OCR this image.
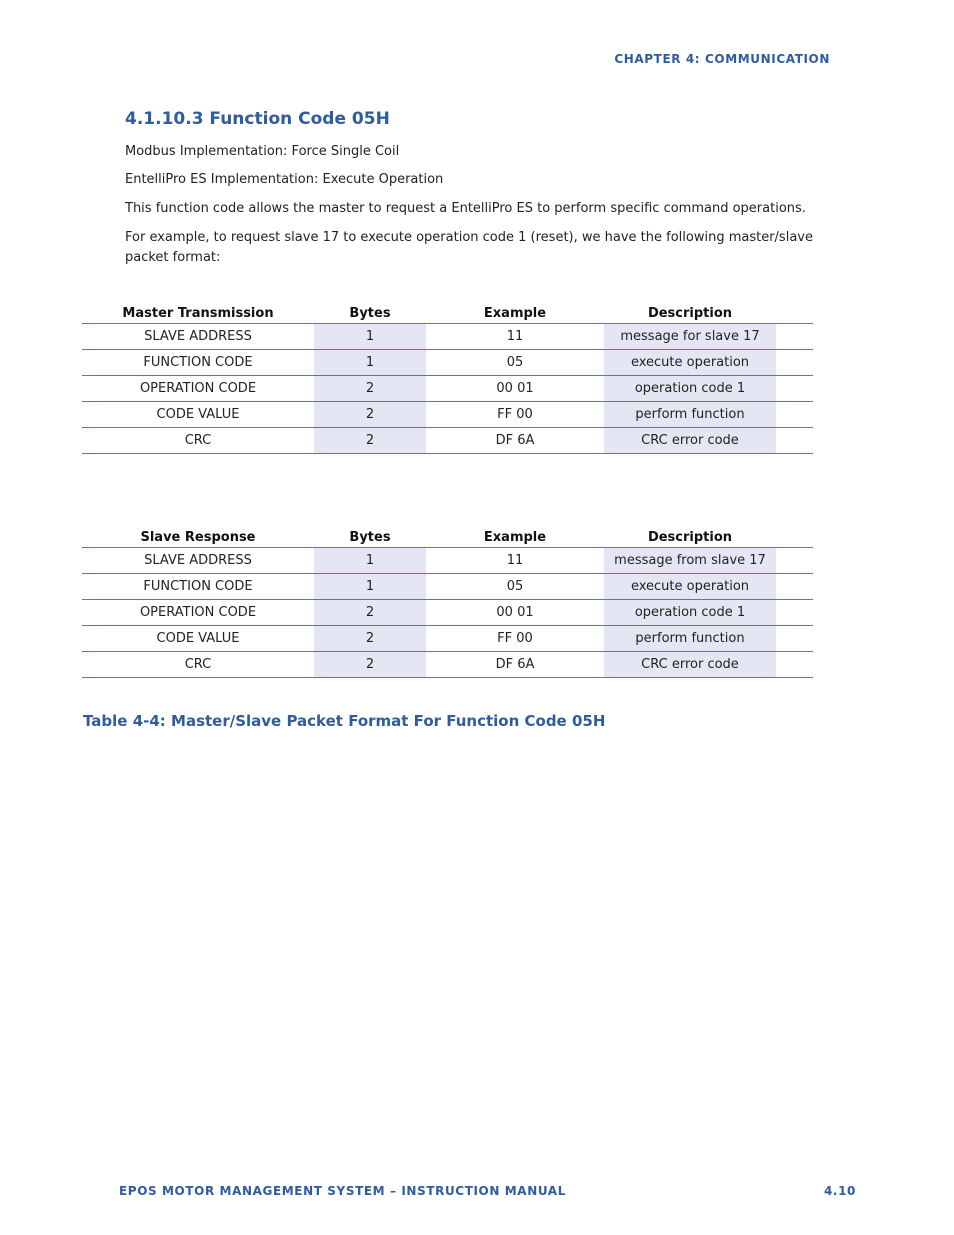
CHAPTER 4: COMMUNICATION
4.1.10.3 Function Code 05H
Modbus Implementation: Force Single Coil
EntelliPro ES Implementation: Execute Operation
This function code allows the master to request a EntelliPro ES to perform specific command operations.
For example, to request slave 17 to execute operation code 1 (reset), we have the following master/slave packet format:
Master Transmission	Bytes	Example	Description	
SLAVE ADDRESS	1	11	message for slave 17	
FUNCTION CODE	1	05	execute operation	
OPERATION CODE	2	00 01	operation code 1	
CODE VALUE	2	FF 00	perform function	
CRC	2	DF 6A	CRC error code	
Slave Response	Bytes	Example	Description	
SLAVE ADDRESS	1	11	message from slave 17	
FUNCTION CODE	1	05	execute operation	
OPERATION CODE	2	00 01	operation code 1	
CODE VALUE	2	FF 00	perform function	
CRC	2	DF 6A	CRC error code	
Table 4-4: Master/Slave Packet Format For Function Code 05H
EPOS MOTOR MANAGEMENT SYSTEM – INSTRUCTION MANUAL	4.10
